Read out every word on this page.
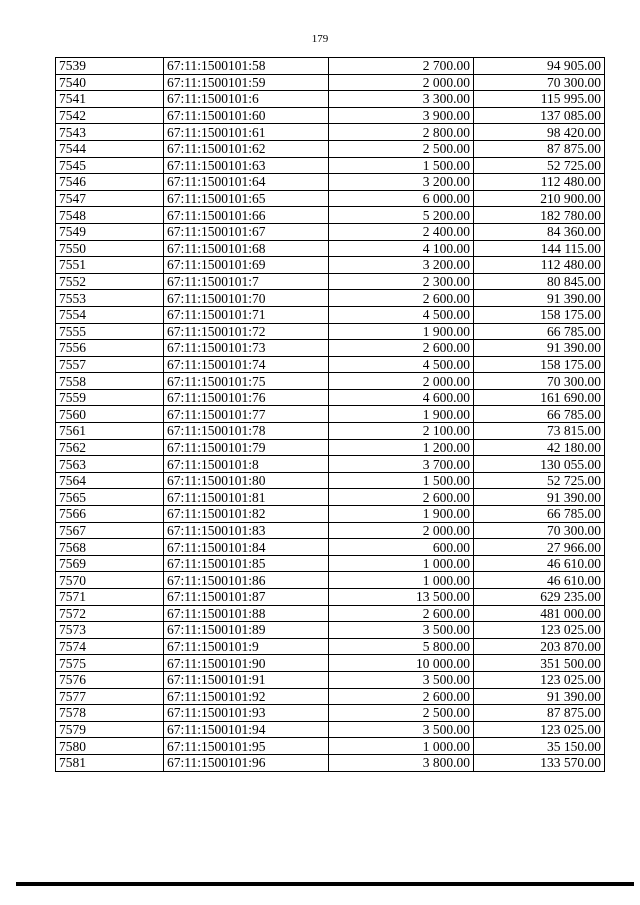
179
7539	67:11:1500101:58	2 700.00	94 905.00
7540	67:11:1500101:59	2 000.00	70 300.00
7541	67:11:1500101:6	3 300.00	115 995.00
7542	67:11:1500101:60	3 900.00	137 085.00
7543	67:11:1500101:61	2 800.00	98 420.00
7544	67:11:1500101:62	2 500.00	87 875.00
7545	67:11:1500101:63	1 500.00	52 725.00
7546	67:11:1500101:64	3 200.00	112 480.00
7547	67:11:1500101:65	6 000.00	210 900.00
7548	67:11:1500101:66	5 200.00	182 780.00
7549	67:11:1500101:67	2 400.00	84 360.00
7550	67:11:1500101:68	4 100.00	144 115.00
7551	67:11:1500101:69	3 200.00	112 480.00
7552	67:11:1500101:7	2 300.00	80 845.00
7553	67:11:1500101:70	2 600.00	91 390.00
7554	67:11:1500101:71	4 500.00	158 175.00
7555	67:11:1500101:72	1 900.00	66 785.00
7556	67:11:1500101:73	2 600.00	91 390.00
7557	67:11:1500101:74	4 500.00	158 175.00
7558	67:11:1500101:75	2 000.00	70 300.00
7559	67:11:1500101:76	4 600.00	161 690.00
7560	67:11:1500101:77	1 900.00	66 785.00
7561	67:11:1500101:78	2 100.00	73 815.00
7562	67:11:1500101:79	1 200.00	42 180.00
7563	67:11:1500101:8	3 700.00	130 055.00
7564	67:11:1500101:80	1 500.00	52 725.00
7565	67:11:1500101:81	2 600.00	91 390.00
7566	67:11:1500101:82	1 900.00	66 785.00
7567	67:11:1500101:83	2 000.00	70 300.00
7568	67:11:1500101:84	600.00	27 966.00
7569	67:11:1500101:85	1 000.00	46 610.00
7570	67:11:1500101:86	1 000.00	46 610.00
7571	67:11:1500101:87	13 500.00	629 235.00
7572	67:11:1500101:88	2 600.00	481 000.00
7573	67:11:1500101:89	3 500.00	123 025.00
7574	67:11:1500101:9	5 800.00	203 870.00
7575	67:11:1500101:90	10 000.00	351 500.00
7576	67:11:1500101:91	3 500.00	123 025.00
7577	67:11:1500101:92	2 600.00	91 390.00
7578	67:11:1500101:93	2 500.00	87 875.00
7579	67:11:1500101:94	3 500.00	123 025.00
7580	67:11:1500101:95	1 000.00	35 150.00
7581	67:11:1500101:96	3 800.00	133 570.00
